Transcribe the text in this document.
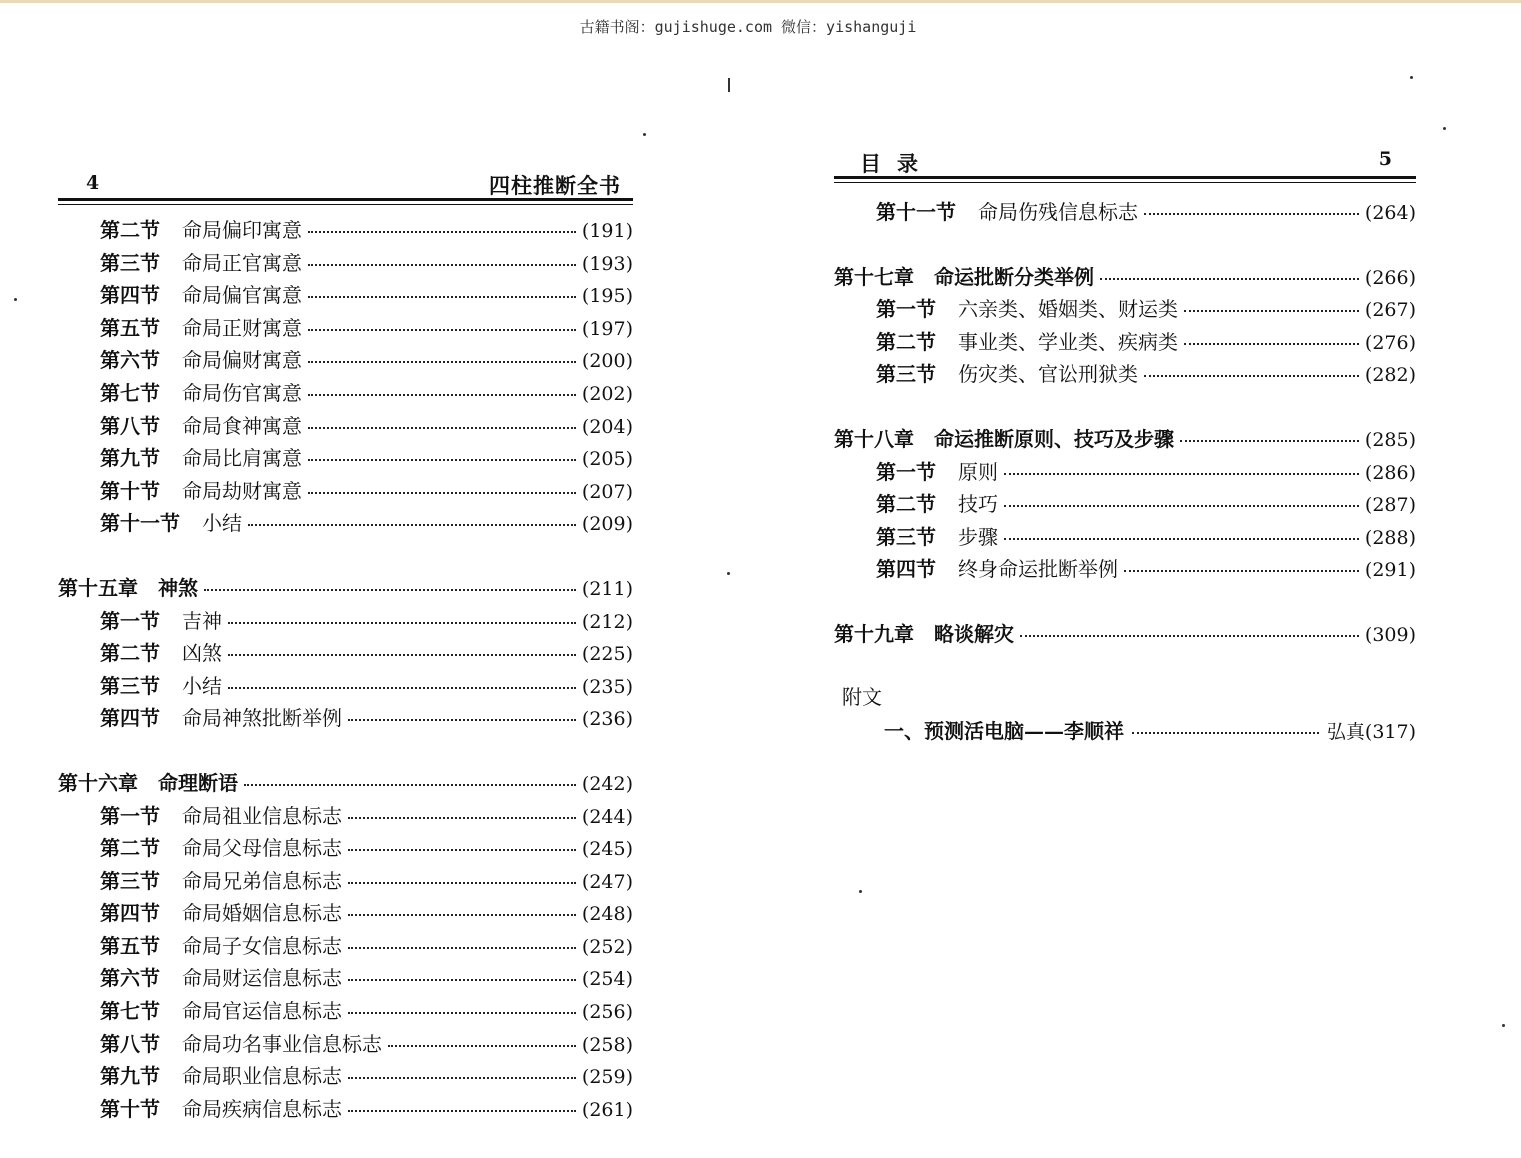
古籍书阁：gujishuge.com 微信：yishanguji
4	四柱推断全书
第二节 命局偏印寓意	(191)
第三节 命局正官寓意	(193)
第四节 命局偏官寓意	(195)
第五节 命局正财寓意	(197)
第六节 命局偏财寓意	(200)
第七节 命局伤官寓意	(202)
第八节 命局食神寓意	(204)
第九节 命局比肩寓意	(205)
第十节 命局劫财寓意	(207)
第十一节 小结	(209)
第十五章 神煞	(211)
第一节 吉神	(212)
第二节 凶煞	(225)
第三节 小结	(235)
第四节 命局神煞批断举例	(236)
第十六章 命理断语	(242)
第一节 命局祖业信息标志	(244)
第二节 命局父母信息标志	(245)
第三节 命局兄弟信息标志	(247)
第四节 命局婚姻信息标志	(248)
第五节 命局子女信息标志	(252)
第六节 命局财运信息标志	(254)
第七节 命局官运信息标志	(256)
第八节 命局功名事业信息标志	(258)
第九节 命局职业信息标志	(259)
第十节 命局疾病信息标志	(261)
目录	5
第十一节 命局伤残信息标志	(264)
第十七章 命运批断分类举例	(266)
第一节 六亲类、婚姻类、财运类	(267)
第二节 事业类、学业类、疾病类	(276)
第三节 伤灾类、官讼刑狱类	(282)
第十八章 命运推断原则、技巧及步骤	(285)
第一节 原则	(286)
第二节 技巧	(287)
第三节 步骤	(288)
第四节 终身命运批断举例	(291)
第十九章 略谈解灾	(309)
附文
一、预测活电脑——李顺祥	弘真(317)
